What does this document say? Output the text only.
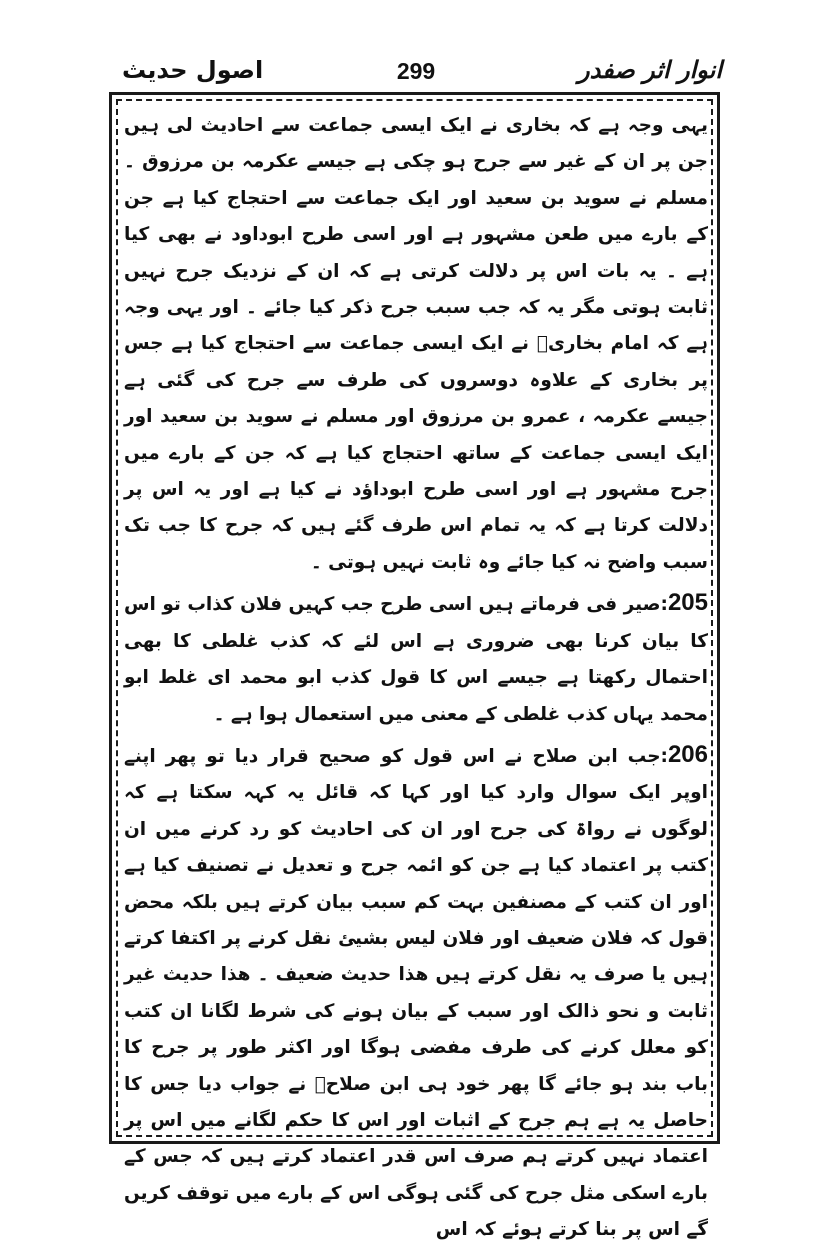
انوار اثر صفدر
299
اصول حدیث

یہی وجہ ہے کہ بخاری نے ایک ایسی جماعت سے احادیث لی ہیں جن پر ان کے غیر سے جرح ہو چکی ہے جیسے عکرمہ بن مرزوق ۔ مسلم نے سوید بن سعید اور ایک جماعت سے احتجاج کیا ہے جن کے بارے میں طعن مشہور ہے اور اسی طرح ابوداود نے بھی کیا ہے ۔ یہ بات اس پر دلالت کرتی ہے کہ ان کے نزدیک جرح نہیں ثابت ہوتی مگر یہ کہ جب سبب جرح ذکر کیا جائے ۔ اور یہی وجہ ہے کہ امام بخاریؒ نے ایک ایسی جماعت سے احتجاج کیا ہے جس پر بخاری کے علاوہ دوسروں کی طرف سے جرح کی گئی ہے جیسے عکرمہ ، عمرو بن مرزوق اور مسلم نے سوید بن سعید اور ایک ایسی جماعت کے ساتھ احتجاج کیا ہے کہ جن کے بارے میں جرح مشہور ہے اور اسی طرح ابوداؤد نے کیا ہے اور یہ اس پر دلالت کرتا ہے کہ یہ تمام اس طرف گئے ہیں کہ جرح کا جب تک سبب واضح نہ کیا جائے وہ ثابت نہیں ہوتی ۔

205:صیر فی فرماتے ہیں اسی طرح جب کہیں فلان کذاب تو اس کا بیان کرنا بھی ضروری ہے اس لئے کہ کذب غلطی کا بھی احتمال رکھتا ہے جیسے اس کا قول کذب ابو محمد ای غلط ابو محمد یہاں کذب غلطی کے معنی میں استعمال ہوا ہے ۔

206:جب ابن صلاح نے اس قول کو صحیح قرار دیا تو پھر اپنے اوپر ایک سوال وارد کیا اور کہا کہ قائل یہ کہہ سکتا ہے کہ لوگوں نے رواۃ کی جرح اور ان کی احادیث کو رد کرنے میں ان کتب پر اعتماد کیا ہے جن کو ائمہ جرح و تعدیل نے تصنیف کیا ہے اور ان کتب کے مصنفین بہت کم سبب بیان کرتے ہیں بلکہ محض قول کہ فلان ضعیف اور فلان لیس بشیئ نقل کرنے پر اکتفا کرتے ہیں یا صرف یہ نقل کرتے ہیں ھذا حدیث ضعیف ۔ ھذا حدیث غیر ثابت و نحو ذالک اور سبب کے بیان ہونے کی شرط لگانا ان کتب کو معلل کرنے کی طرف مفضی ہوگا اور اکثر طور پر جرح کا باب بند ہو جائے گا پھر خود ہی ابن صلاحؒ نے جواب دیا جس کا حاصل یہ ہے ہم جرح کے اثبات اور اس کا حکم لگانے میں اس پر اعتماد نہیں کرتے ہم صرف اس قدر اعتماد کرتے ہیں کہ جس کے بارے اسکی مثل جرح کی گئی ہوگی اس کے بارے میں توقف کریں گے اس پر بنا کرتے ہوئے کہ اس
